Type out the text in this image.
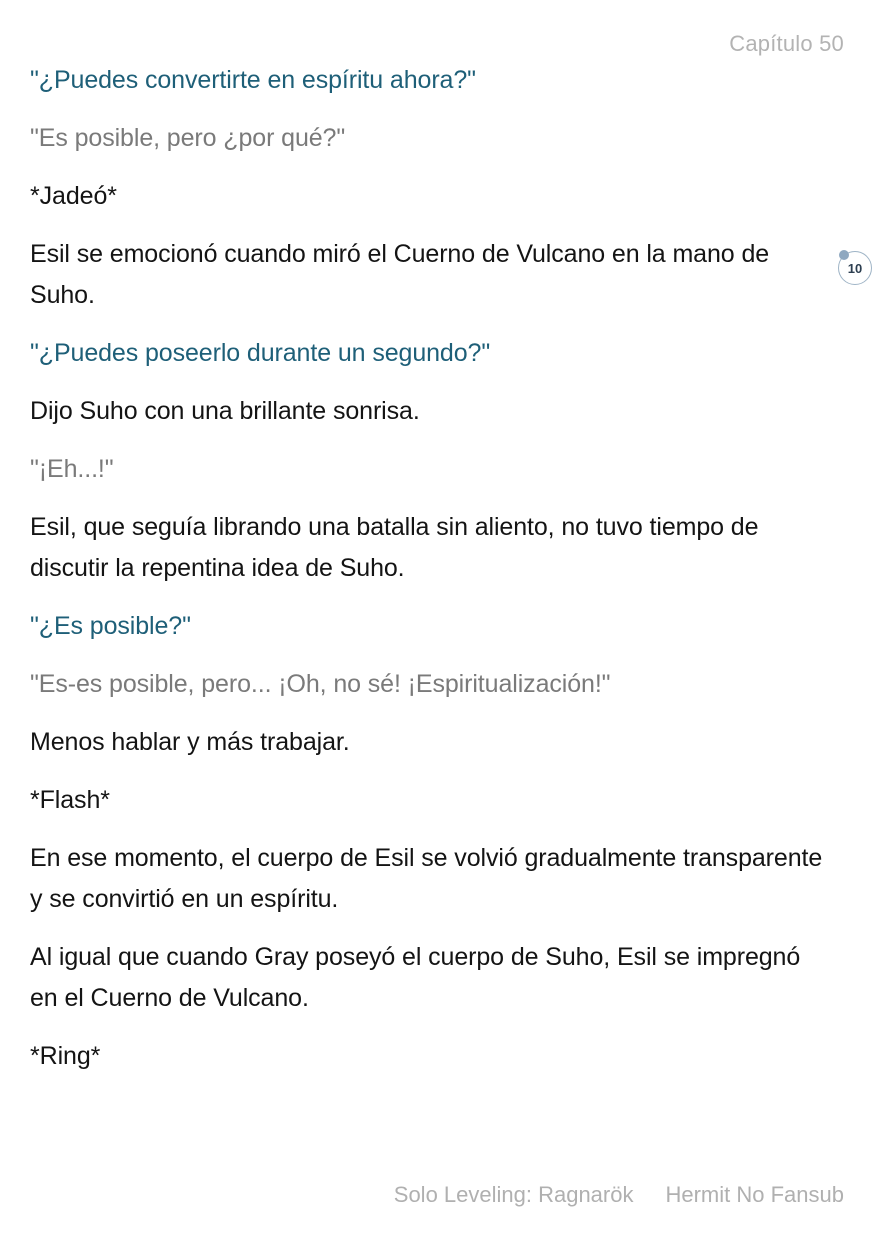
Capítulo 50

"¿Puedes convertirte en espíritu ahora?"

"Es posible, pero ¿por qué?"

*Jadeó*

Esil se emocionó cuando miró el Cuerno de Vulcano en la mano de Suho.

"¿Puedes poseerlo durante un segundo?"

Dijo Suho con una brillante sonrisa.

"¡Eh...!"

Esil, que seguía librando una batalla sin aliento, no tuvo tiempo de discutir la repentina idea de Suho.

"¿Es posible?"

"Es-es posible, pero... ¡Oh, no sé! ¡Espiritualización!"

Menos hablar y más trabajar.

*Flash*

En ese momento, el cuerpo de Esil se volvió gradualmente transparente y se convirtió en un espíritu.

Al igual que cuando Gray poseyó el cuerpo de Suho, Esil se impregnó en el Cuerno de Vulcano.

*Ring*

10
Solo Leveling: Ragnarök Hermit No Fansub
